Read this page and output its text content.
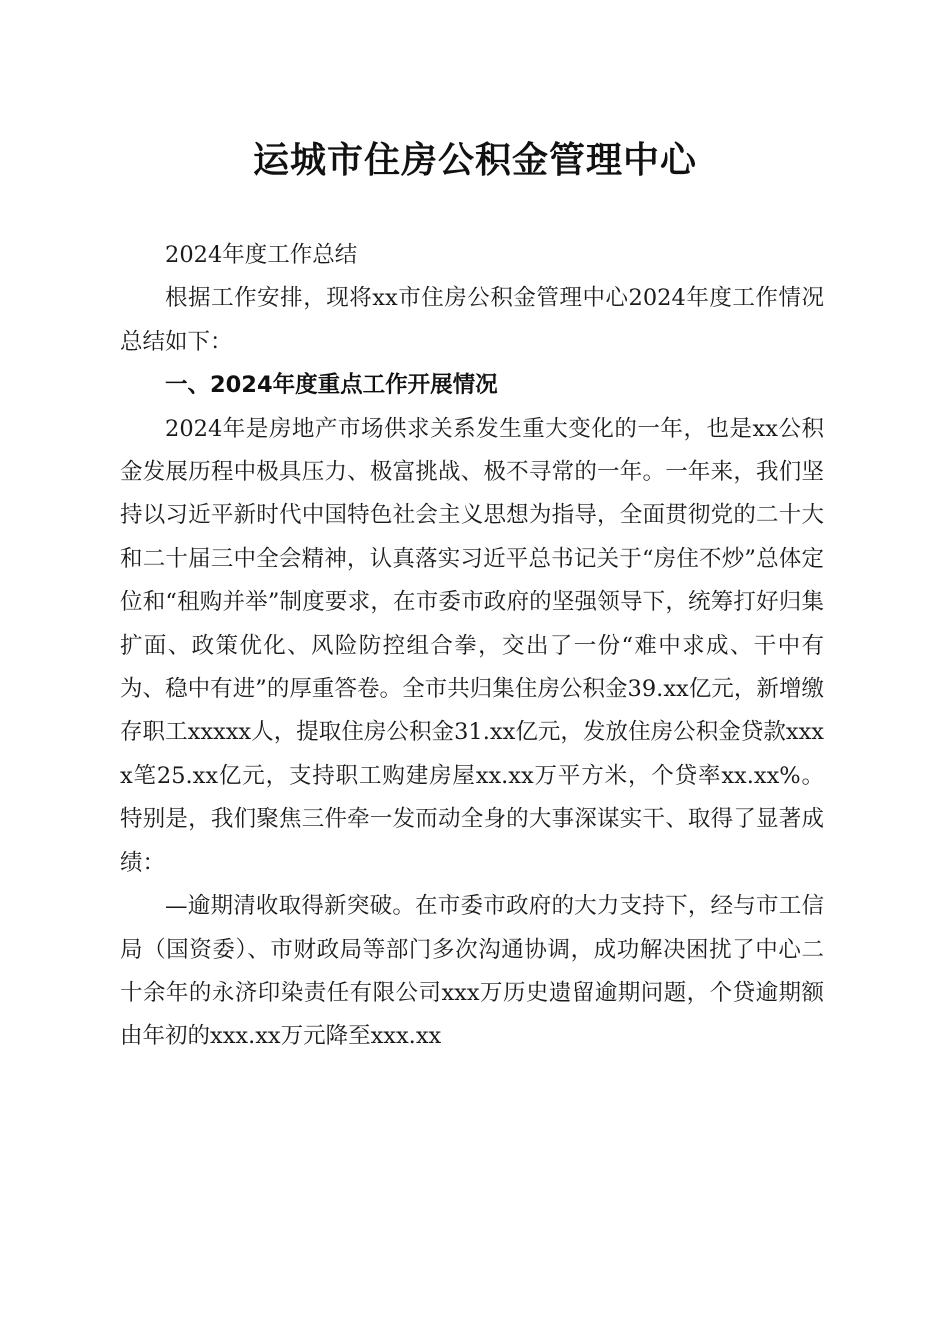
运城市住房公积金管理中心

2024年度工作总结

根据工作安排，现将xx市住房公积金管理中心2024年度工作情况总结如下：

一、2024年度重点工作开展情况

2024年是房地产市场供求关系发生重大变化的一年，也是xx公积金发展历程中极具压力、极富挑战、极不寻常的一年。一年来，我们坚持以习近平新时代中国特色社会主义思想为指导，全面贯彻党的二十大和二十届三中全会精神，认真落实习近平总书记关于“房住不炒”总体定位和“租购并举”制度要求，在市委市政府的坚强领导下，统筹打好归集扩面、政策优化、风险防控组合拳，交出了一份“难中求成、干中有为、稳中有进”的厚重答卷。全市共归集住房公积金39.xx亿元，新增缴存职工xxxxx人，提取住房公积金31.xx亿元，发放住房公积金贷款xxxx笔25.xx亿元，支持职工购建房屋xx.xx万平方米，个贷率xx.xx%。特别是，我们聚焦三件牵一发而动全身的大事深谋实干、取得了显著成绩：

—逾期清收取得新突破。在市委市政府的大力支持下，经与市工信局（国资委）、市财政局等部门多次沟通协调，成功解决困扰了中心二十余年的永济印染责任有限公司xxx万历史遗留逾期问题，个贷逾期额由年初的xxx.xx万元降至xxx.xx
